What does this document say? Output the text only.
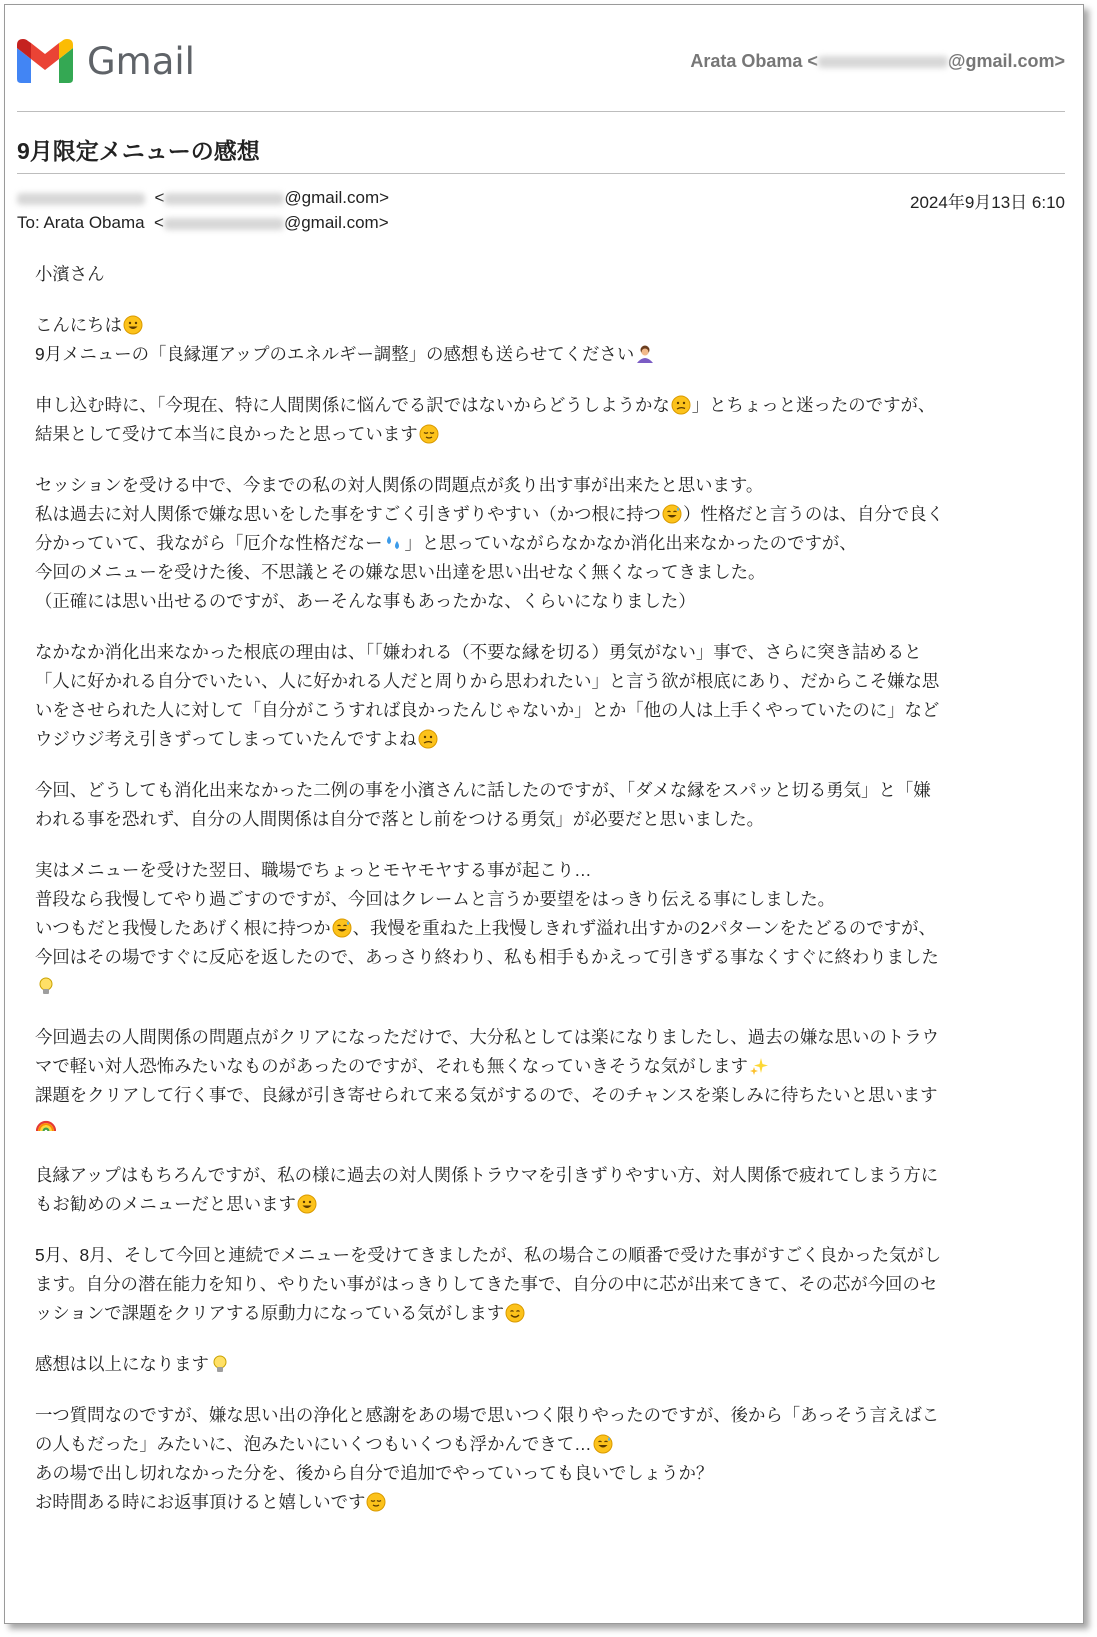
Gmail	Arata Obama <	@gmail.com>
9月限定メニューの感想
<	@gmail.com>	2024年9月13日 6:10
To: Arata Obama  <	@gmail.com>

小濱さん

こんにちは
9月メニューの「良縁運アップのエネルギー調整」の感想も送らせてください

申し込む時に、「今現在、特に人間関係に悩んでる訳ではないからどうしようかな 」とちょっと迷ったのですが、
結果として受けて本当に良かったと思っています

セッションを受ける中で、今までの私の対人関係の問題点が炙り出す事が出来たと思います。
私は過去に対人関係で嫌な思いをした事をすごく引きずりやすい（かつ根に持つ ）性格だと言うのは、自分で良く
分かっていて、我ながら「厄介な性格だなー 」と思っていながらなかなか消化出来なかったのですが、
今回のメニューを受けた後、不思議とその嫌な思い出達を思い出せなく無くなってきました。
（正確には思い出せるのですが、あーそんな事もあったかな、くらいになりました）

なかなか消化出来なかった根底の理由は、「「嫌われる（不要な縁を切る）勇気がない」事で、さらに突き詰めると
「人に好かれる自分でいたい、人に好かれる人だと周りから思われたい」と言う欲が根底にあり、だからこそ嫌な思
いをさせられた人に対して「自分がこうすれば良かったんじゃないか」とか「他の人は上手くやっていたのに」など
ウジウジ考え引きずってしまっていたんですよね

今回、どうしても消化出来なかった二例の事を小濱さんに話したのですが、「ダメな縁をスパッと切る勇気」と「嫌
われる事を恐れず、自分の人間関係は自分で落とし前をつける勇気」が必要だと思いました。

実はメニューを受けた翌日、職場でちょっとモヤモヤする事が起こり…
普段なら我慢してやり過ごすのですが、今回はクレームと言うか要望をはっきり伝える事にしました。
いつもだと我慢したあげく根に持つか 、我慢を重ねた上我慢しきれず溢れ出すかの2パターンをたどるのですが、
今回はその場ですぐに反応を返したので、あっさり終わり、私も相手もかえって引きずる事なくすぐに終わりました

今回過去の人間関係の問題点がクリアになっただけで、大分私としては楽になりましたし、過去の嫌な思いのトラウ
マで軽い対人恐怖みたいなものがあったのですが、それも無くなっていきそうな気がします
課題をクリアして行く事で、良縁が引き寄せられて来る気がするので、そのチャンスを楽しみに待ちたいと思います

良縁アップはもちろんですが、私の様に過去の対人関係トラウマを引きずりやすい方、対人関係で疲れてしまう方に
もお勧めのメニューだと思います

5月、8月、そして今回と連続でメニューを受けてきましたが、私の場合この順番で受けた事がすごく良かった気がし
ます。自分の潜在能力を知り、やりたい事がはっきりしてきた事で、自分の中に芯が出来てきて、その芯が今回のセ
ッションで課題をクリアする原動力になっている気がします

感想は以上になります

一つ質問なのですが、嫌な思い出の浄化と感謝をあの場で思いつく限りやったのですが、後から「あっそう言えばこ
の人もだった」みたいに、泡みたいにいくつもいくつも浮かんできて…
あの場で出し切れなかった分を、後から自分で追加でやっていっても良いでしょうか？
お時間ある時にお返事頂けると嬉しいです
